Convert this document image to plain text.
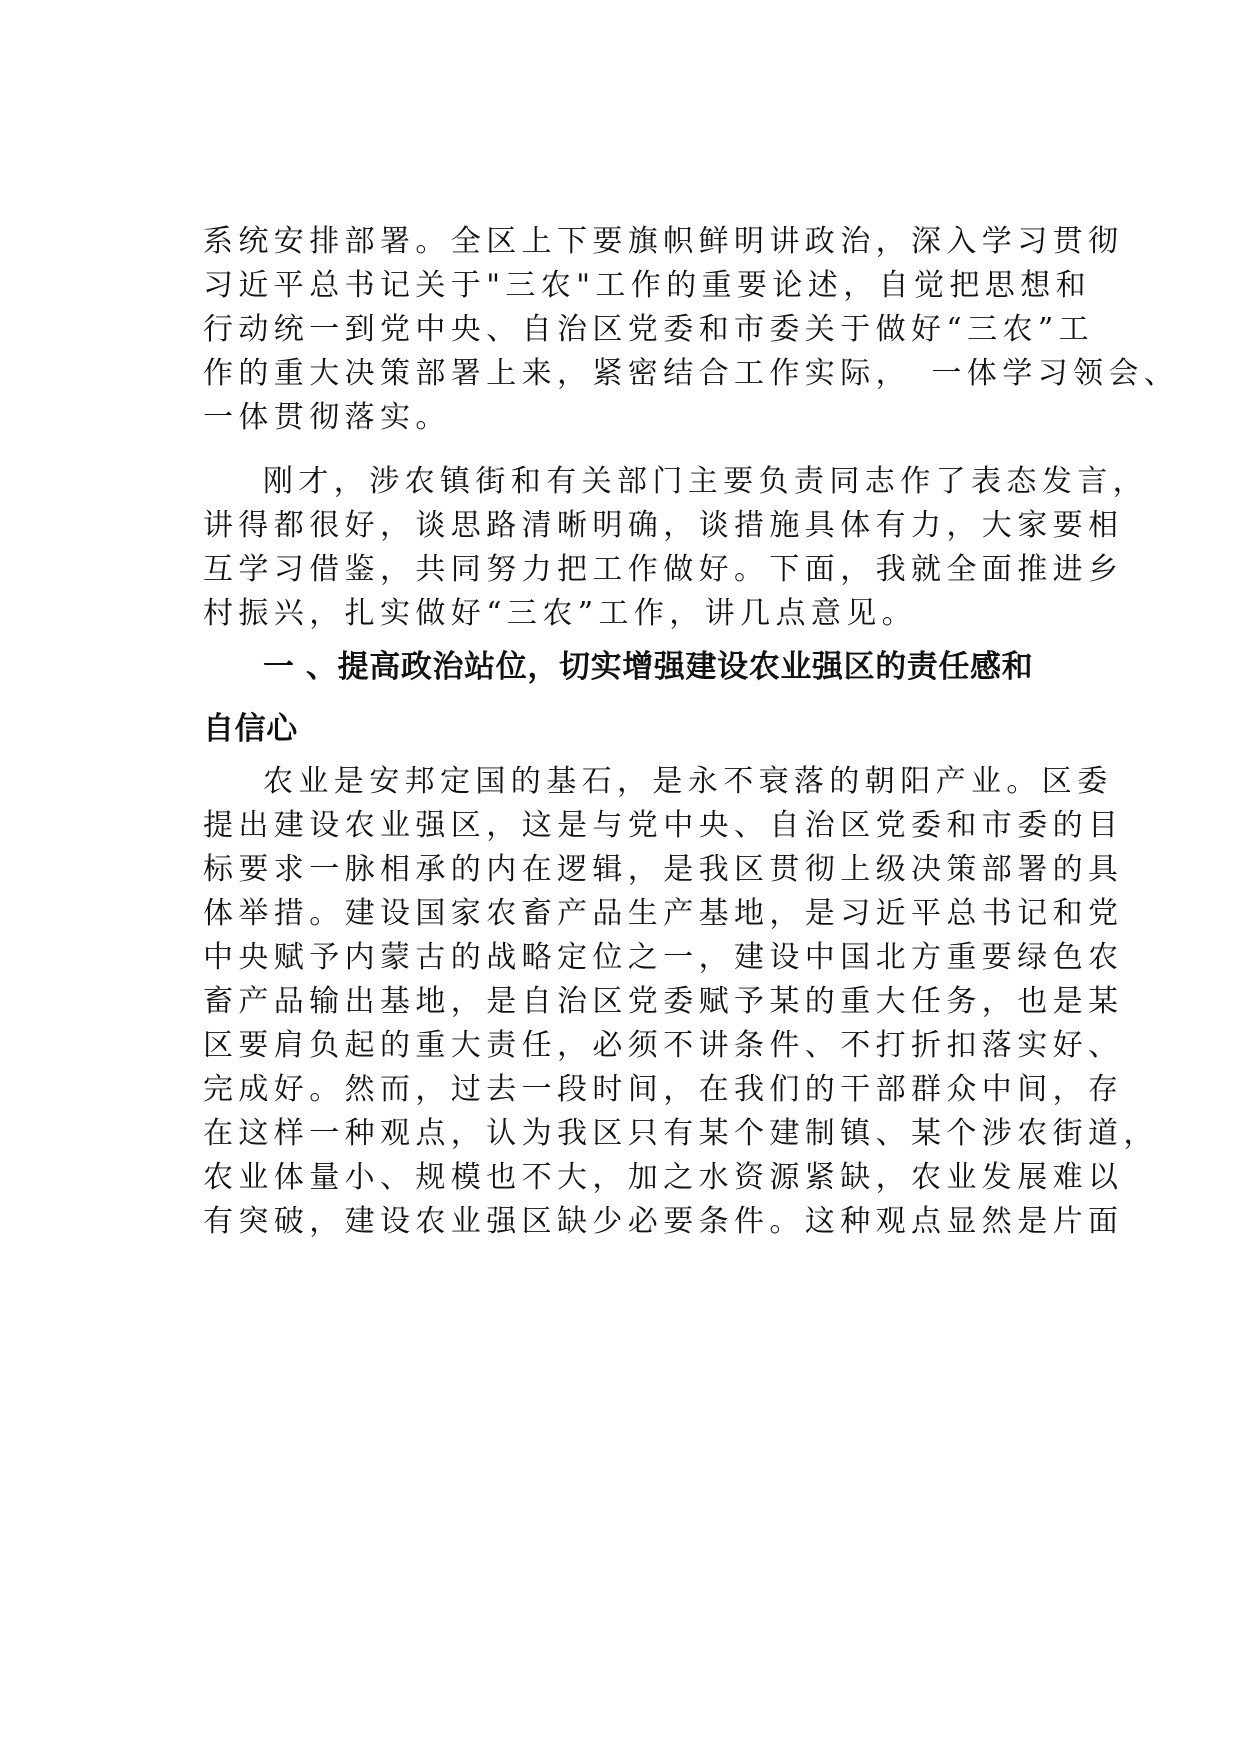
系统安排部署。全区上下要旗帜鲜明讲政治，深入学习贯彻
习近平总书记关于"三农"工作的重要论述，自觉把思想和
行动统一到党中央、自治区党委和市委关于做好“三农”工
作的重大决策部署上来，紧密结合工作实际，　一体学习领会、
一体贯彻落实。

刚才，涉农镇街和有关部门主要负责同志作了表态发言，
讲得都很好，谈思路清晰明确，谈措施具体有力，大家要相
互学习借鉴，共同努力把工作做好。下面，我就全面推进乡
村振兴，扎实做好“三农”工作，讲几点意见。

一 、提高政治站位，切实增强建设农业强区的责任感和
自信心

农业是安邦定国的基石，是永不衰落的朝阳产业。区委
提出建设农业强区，这是与党中央、自治区党委和市委的目
标要求一脉相承的内在逻辑，是我区贯彻上级决策部署的具
体举措。建设国家农畜产品生产基地，是习近平总书记和党
中央赋予内蒙古的战略定位之一，建设中国北方重要绿色农
畜产品输出基地，是自治区党委赋予某的重大任务，也是某
区要肩负起的重大责任，必须不讲条件、不打折扣落实好、
完成好。然而，过去一段时间，在我们的干部群众中间，存
在这样一种观点，认为我区只有某个建制镇、某个涉农街道，
农业体量小、规模也不大，加之水资源紧缺，农业发展难以
有突破，建设农业强区缺少必要条件。这种观点显然是片面
